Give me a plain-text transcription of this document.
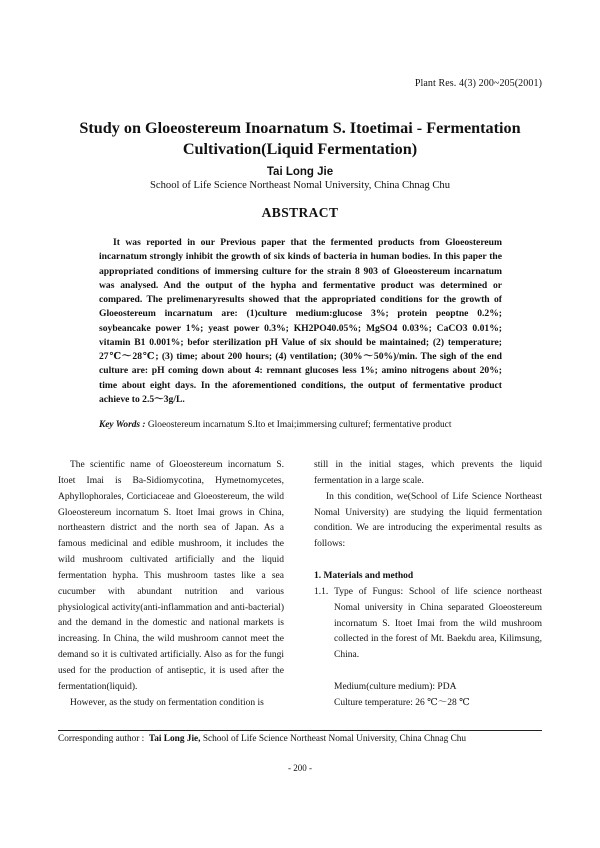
Plant Res. 4(3) 200~205(2001)
Study on Gloeostereum Inoarnatum S. Itoetimai - Fermentation
Cultivation(Liquid Fermentation)
Tai Long Jie
School of Life Science Northeast Nomal University, China Chnag Chu
ABSTRACT

It was reported in our Previous paper that the fermented products from Gloeostereum incarnatum strongly inhibit the growth of six kinds of bacteria in human bodies. In this paper the appropriated conditions of immersing culture for the strain 8 903 of Gloeostereum incarnatum was analysed. And the output of the hypha and fermentative product was determined or compared. The prelimenaryresults showed that the appropriated conditions for the growth of Gloeostereum incarnatum are: (1)culture medium:glucose 3%; protein peoptne 0.2%; soybeancake power 1%; yeast power 0.3%; KH2PO40.05%; MgSO4 0.03%; CaCO3 0.01%; vitamin B1 0.001%; befor sterilization pH Value of six should be maintained; (2) temperature; 27℃～28℃; (3) time; about 200 hours; (4) ventilation; (30%～50%)/min. The sigh of the end culture are: pH coming down about 4: remnant glucoses less 1%; amino nitrogens about 20%; time about eight days. In the aforementioned conditions, the output of fermentative product achieve to 2.5～3g/L.

Key Words : Gloeostereum incarnatum S.Ito et Imai;immersing culturef; fermentative product

The scientific name of Gloeostereum incornatum S. Itoet Imai is Ba-Sidiomycotina, Hymetnomycetes, Aphyllophorales, Corticiaceae and Gloeostereum, the wild Gloeostereum incornatum S. Itoet Imai grows in China, northeastern district and the north sea of Japan. As a famous medicinal and edible mushroom, it includes the wild mushroom cultivated artificially and the liquid fermentation hypha. This mushroom tastes like a sea cucumber with abundant nutrition and various physiological activity(anti-inflammation and anti-bacterial) and the demand in the domestic and national markets is increasing. In China, the wild mushroom cannot meet the demand so it is cultivated artificially. Also as for the fungi used for the production of antiseptic, it is used after the fermentation(liquid).

However, as the study on fermentation condition is

still in the initial stages, which prevents the liquid fermentation in a large scale.

In this condition, we(School of Life Science Northeast Nomal University) are studying the liquid fermentation condition. We are introducing the experimental results as follows:

1. Materials and method

1.1. Type of Fungus: School of life science northeast Nomal university in China separated Gloeostereum incornatum S. Itoet Imai from the wild mushroom collected in the forest of Mt. Baekdu area, Kilimsung, China.

Medium(culture medium): PDA

Culture temperature: 26 ℃～28 ℃

Corresponding author : Tai Long Jie, School of Life Science Northeast Nomal University, China Chnag Chu
- 200 -
